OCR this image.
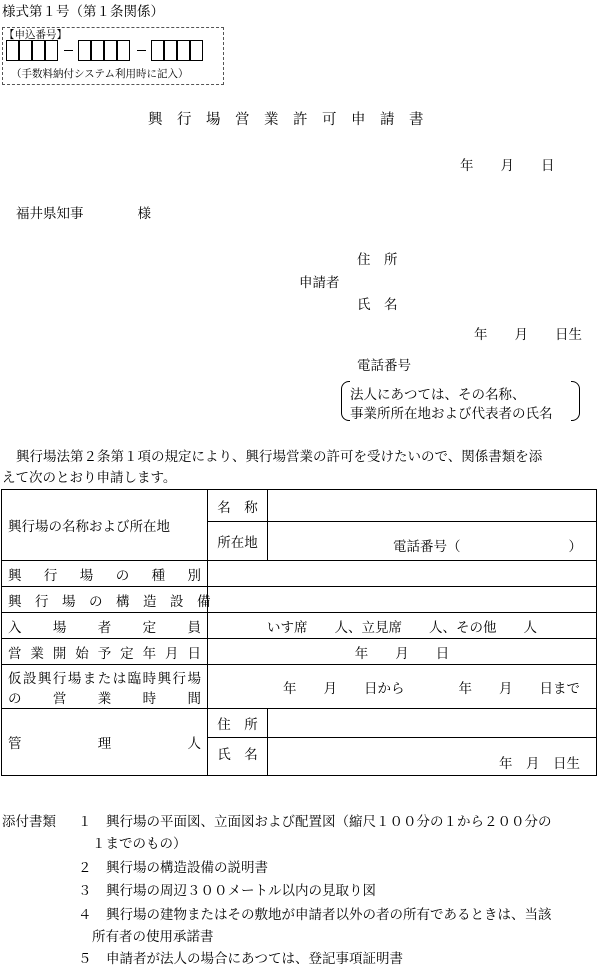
様式第１号（第１条関係）
【申込番号】
（手数料納付システム利用時に記入）
興　行　場　営　業　許　可　申　請　書
年　　月　　日
福井県知事　　　　様
住　所
申請者
氏　名
年　　月　　日生
電話番号
法人にあつては、その名称、
事業所所在地および代表者の氏名
興行場法第２条第１項の規定により、興行場営業の許可を受けたいので、関係書類を添
えて次のとおり申請します。
興行場の名称および所在地	名　称	
	所在地	電話番号（　　　　　　　　）
興　行　場　の　種　別		
興　行　場　の　構　造　設　備		
入　場　者　定　員	いす席　　人、立見席　　人、その他　　人	
営業開始予定年月日	年　　月　　日	

仮設興行場または臨時興行場
の　営　業　時　間	年　　月　　日から　　　　年　　月　　日まで	
管　　　理　　　人	住　所	
	氏　名	年　月　日生
添付書類 １ 興行場の平面図、立面図および配置図（縮尺１００分の１から２００分の
１までのもの）
２ 興行場の構造設備の説明書
３ 興行場の周辺３００メートル以内の見取り図
４ 興行場の建物またはその敷地が申請者以外の者の所有であるときは、当該
所有者の使用承諾書
５ 申請者が法人の場合にあつては、登記事項証明書
